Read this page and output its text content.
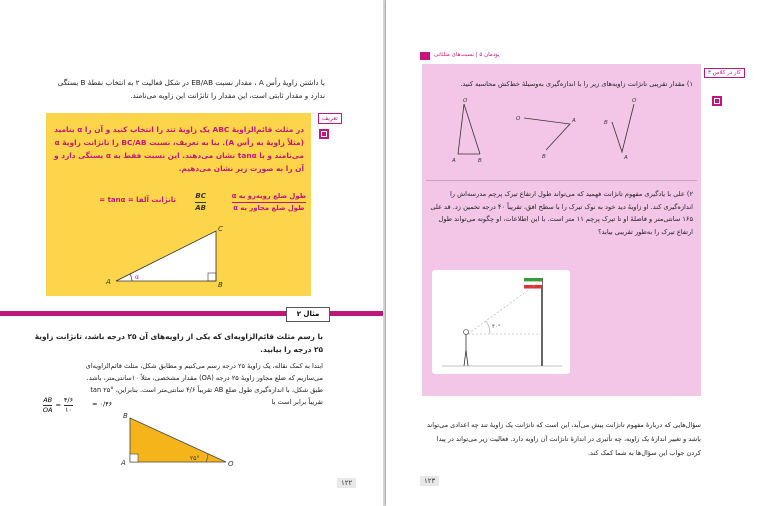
با داشتن زاویهٔ رأس A ، مقدار نسبت EB/AB در شکل فعالیت ۲ به انتخاب نقطهٔ B بستگی ندارد و مقدار ثابتی است، این مقدار را تانژانت این زاویه می‌نامند.
در مثلث قائم‌الزاویهٔ ABC یک زاویهٔ تند را انتخاب کنید و آن را α بنامید (مثلاً زاویهٔ به رأس A). بنا به تعریف، نسبت BC/AB را تانژانت زاویهٔ α می‌نامند و با tanα نشان می‌دهند. این نسبت فقط به α بستگی دارد و آن را به صورت زیر نشان می‌دهیم.
طول ضلع روبه‌رو به α
طول ضلع مجاور به α
BC
AB
تانژانت آلفا = tanα =
A	B
C
α
تعریف
مثال ۲
با رسم مثلث قائم‌الزاویه‌ای که یکی از زاویه‌های آن ۲۵ درجه باشد، تانژانت زاویهٔ ۲۵ درجه را بیابید.
ابتدا به کمک نقاله، یک زاویهٔ ۲۵ درجه رسم می‌کنیم و مطابق شکل، مثلث قائم‌الزاویه‌ای می‌سازیم که ضلع مجاور زاویهٔ ۲۵ درجه (OA) مقدار مشخصی، مثلاً ۱۰سانتی‌متر، باشد. طبق شکل، با اندازه‌گیری طول ضلع AB تقریباً ۴/۶ سانتی‌متر است. بنابراین، tan ۲۵° تقریباً برابر است با
$\frac{AB}{OA}$ =
۴/۶
۱۰
≈ ۰/۴۶
A
B
O
۲۵°
۱۲۲
پودمان ۵ | نسبت‌های مثلثاتی
۱) مقدار تقریبی تانژانت زاویه‌های زیر را با اندازه‌گیری به‌وسیلهٔ خط‌کش محاسبه کنید.
O
A
B
O	A
B
O
A	B
۲) علی با یادگیری مفهوم تانژانت فهمید که می‌تواند طول ارتفاع تیرک پرچم مدرسه‌اش را اندازه‌گیری کند. او زاویهٔ دید خود به نوک تیرک را با سطح افق، تقریباً ۴۰ درجه تخمین زد. قد علی ۱۶۵ سانتی‌متر و فاصلهٔ او تا تیرک پرچم ۱۱ متر است. با این اطلاعات، او چگونه می‌تواند طول ارتفاع تیرک را به‌طور تقریبی بیابد؟
۴۰°
کار در کلاس ۳
سؤال‌هایی که دربارهٔ مفهوم تانژانت پیش می‌آید، این است که تانژانت یک زاویهٔ تند چه اعدادی می‌تواند باشد و تغییر اندازهٔ یک زاویه، چه تأثیری در اندازهٔ تانژانت آن زاویه دارد. فعالیت زیر می‌تواند در پیدا کردن جواب این سؤال‌ها به شما کمک کند.
۱۲۳
